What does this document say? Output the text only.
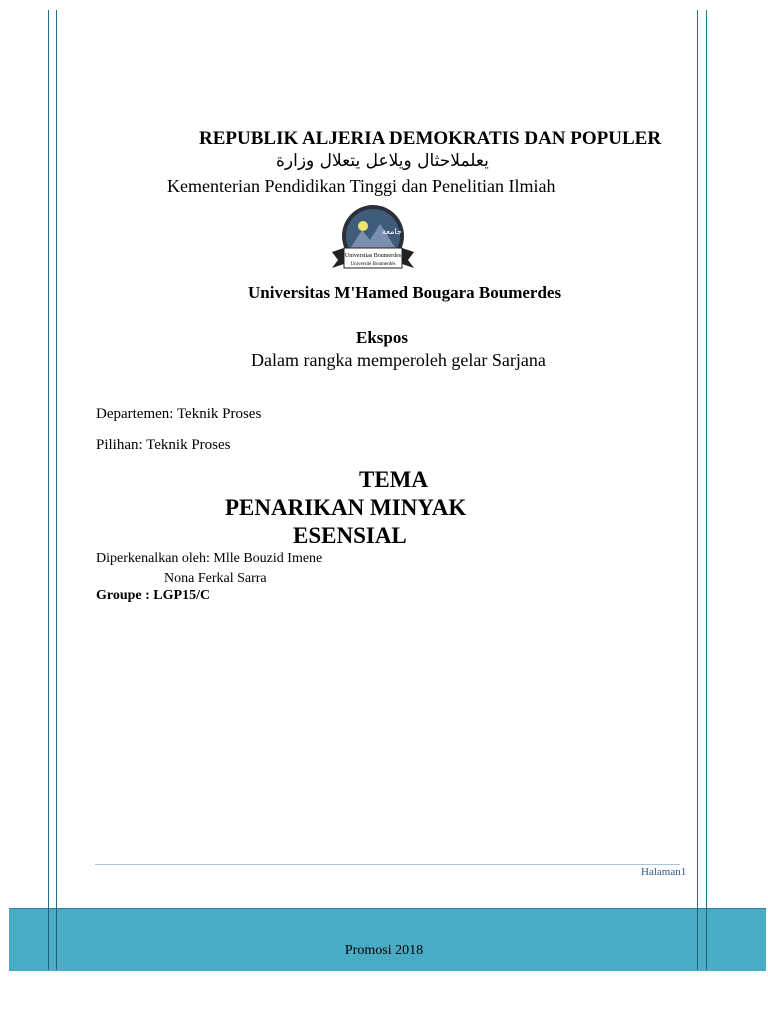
REPUBLIK ALJERIA DEMOKRATIS DAN POPULER
يعلملاحثال ويلاعل يتعلال وزارة
Kementerian Pendidikan Tinggi dan Penelitian Ilmiah
جامعة
Universitas Boumerdes
Université Boumerdès
Universitas M'Hamed Bougara Boumerdes
Ekspos
Dalam rangka memperoleh gelar Sarjana
Departemen: Teknik Proses
Pilihan: Teknik Proses
TEMA
PENARIKAN MINYAK
ESENSIAL
Diperkenalkan oleh: Mlle Bouzid Imene
Nona Ferkal Sarra
Groupe : LGP15/C
Halaman1
Promosi 2018
